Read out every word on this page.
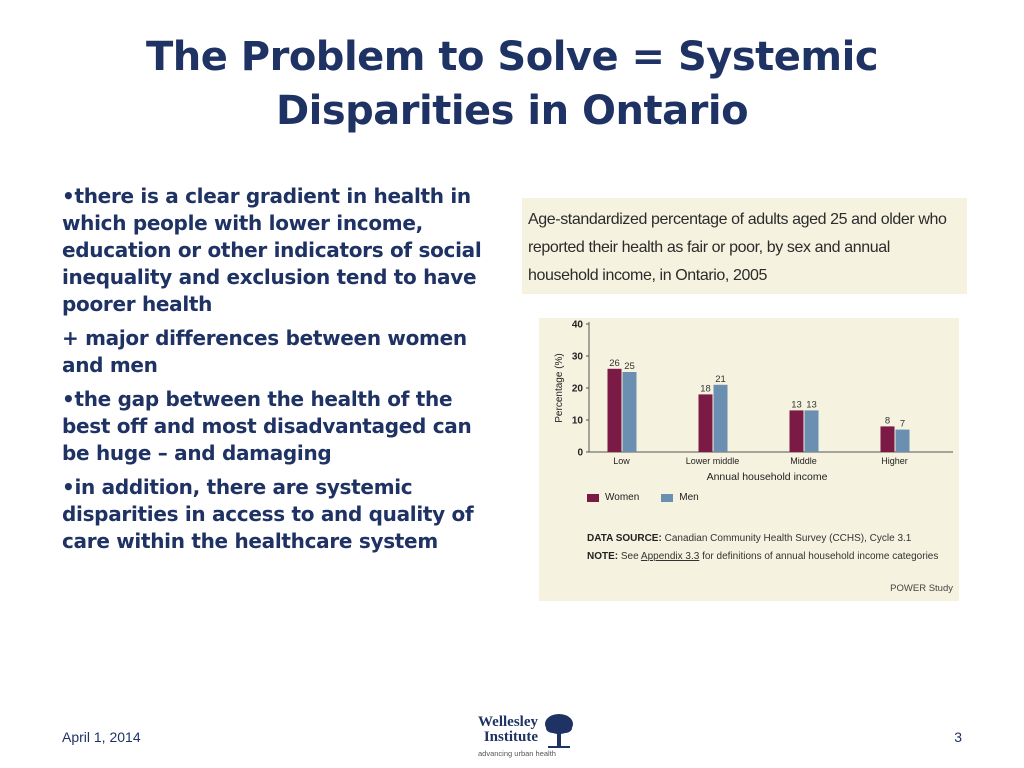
The Problem to Solve = Systemic
Disparities in Ontario

•there is a clear gradient in health in which people with lower income, education or other indicators of social inequality and exclusion tend to have poorer health

+ major differences between women and men

•the gap between the health of the best off and most disadvantaged can be huge – and damaging

•in addition, there are systemic disparities in access to and quality of care within the healthcare system

Age-standardized percentage of adults aged 25 and older who reported their health as fair or poor, by sex and annual household income, in Ontario, 2005
0
10
20
30
40
Percentage (%)
Annual household income
26 25
Low
18
21
Lower middle
13 13
Middle
8 7
Higher
Women	Men
DATA SOURCE: Canadian Community Health Survey (CCHS), Cycle 3.1
NOTE: See Appendix 3.3 for definitions of annual household income categories
POWER Study
April 1, 2014
Wellesley
Institute
advancing urban health
3
